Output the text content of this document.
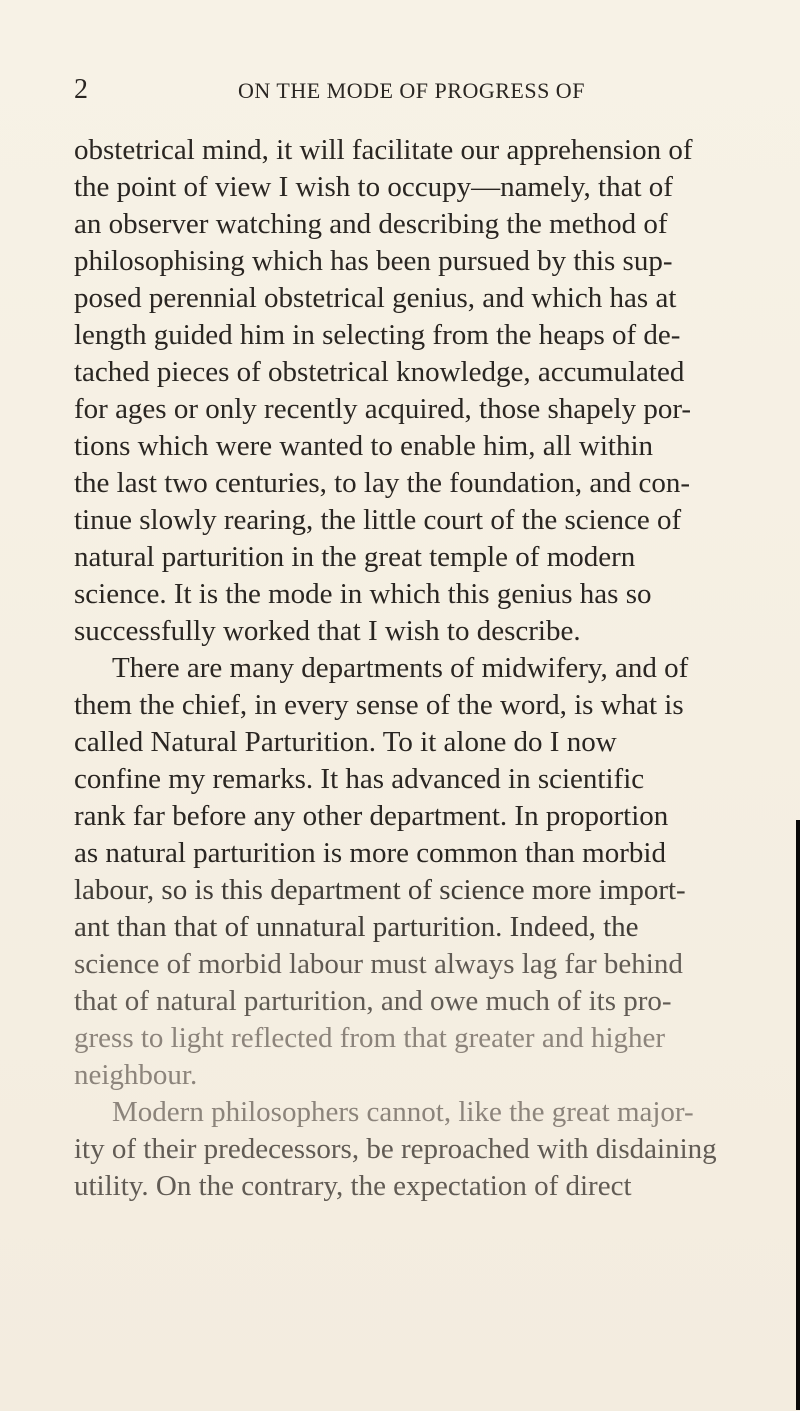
2	ON THE MODE OF PROGRESS OF
obstetrical mind, it will facilitate our apprehension of
the point of view I wish to occupy—namely, that of
an observer watching and describing the method of
philosophising which has been pursued by this sup-
posed perennial obstetrical genius, and which has at
length guided him in selecting from the heaps of de-
tached pieces of obstetrical knowledge, accumulated
for ages or only recently acquired, those shapely por-
tions which were wanted to enable him, all within
the last two centuries, to lay the foundation, and con-
tinue slowly rearing, the little court of the science of
natural parturition in the great temple of modern
science. It is the mode in which this genius has so
successfully worked that I wish to describe.
There are many departments of midwifery, and of
them the chief, in every sense of the word, is what is
called Natural Parturition. To it alone do I now
confine my remarks. It has advanced in scientific
rank far before any other department. In proportion
as natural parturition is more common than morbid
labour, so is this department of science more import-
ant than that of unnatural parturition. Indeed, the
science of morbid labour must always lag far behind
that of natural parturition, and owe much of its pro-
gress to light reflected from that greater and higher
neighbour.
Modern philosophers cannot, like the great major-
ity of their predecessors, be reproached with disdaining
utility. On the contrary, the expectation of direct
